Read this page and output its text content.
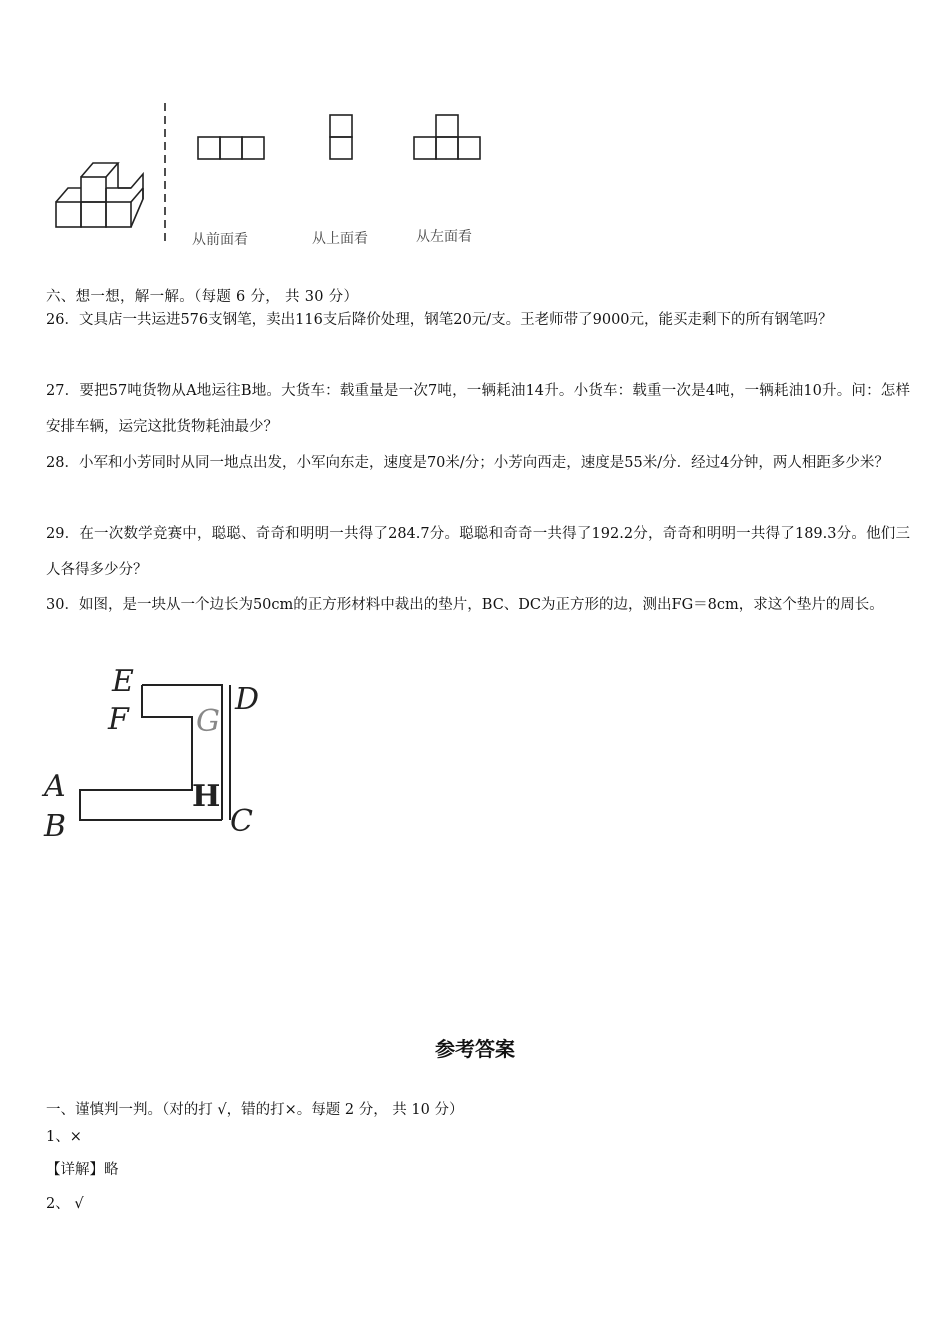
从前面看	从上面看	从左面看
六、想一想，解一解。（每题 6 分， 共 30 分）
26．文具店一共运进576支钢笔，卖出116支后降价处理，钢笔20元/支。王老师带了9000元，能买走剩下的所有钢笔吗？
27．要把57吨货物从A地运往B地。大货车：载重量是一次7吨，一辆耗油14升。小货车：载重一次是4吨，一辆耗油10升。问：怎样安排车辆，运完这批货物耗油最少？
28．小军和小芳同时从同一地点出发，小军向东走，速度是70米/分；小芳向西走，速度是55米/分．经过4分钟，两人相距多少米？
29．在一次数学竞赛中，聪聪、奇奇和明明一共得了284.7分。聪聪和奇奇一共得了192.2分，奇奇和明明一共得了189.3分。他们三人各得多少分？
30．如图，是一块从一个边长为50cm的正方形材料中裁出的垫片，BC、DC为正方形的边，测出FG＝8cm，求这个垫片的周长。
E
F G
D
A
B
H
C
参考答案
一、谨慎判一判。（对的打 √，错的打×。每题 2 分， 共 10 分）
1、×
【详解】略
2、 √
